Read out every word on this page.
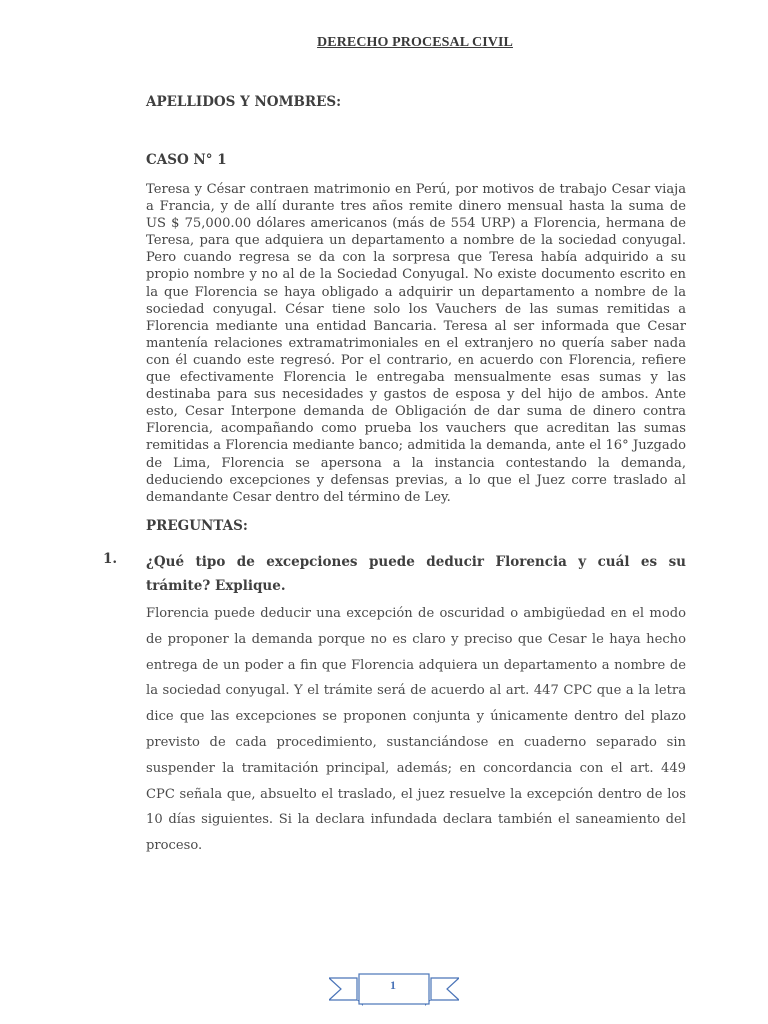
DERECHO PROCESAL CIVIL
APELLIDOS Y NOMBRES:
CASO N° 1
Teresa y César contraen matrimonio en Perú, por motivos de trabajo Cesar viaja a Francia, y de allí durante tres años remite dinero mensual hasta la suma de US $ 75,000.00 dólares americanos (más de 554 URP) a Florencia, hermana de Teresa, para que adquiera un departamento a nombre de la sociedad conyugal. Pero cuando regresa se da con la sorpresa que Teresa había adquirido a su propio nombre y no al de la Sociedad Conyugal. No existe documento escrito en la que Florencia se haya obligado a adquirir un departamento a nombre de la sociedad conyugal. César tiene solo los Vauchers de las sumas remitidas a Florencia mediante una entidad Bancaria. Teresa al ser informada que Cesar mantenía relaciones extramatrimoniales en el extranjero no quería saber nada con él cuando este regresó. Por el contrario, en acuerdo con Florencia, refiere que efectivamente Florencia le entregaba mensualmente esas sumas y las destinaba para sus necesidades y gastos de esposa y del hijo de ambos. Ante esto, Cesar Interpone demanda de Obligación de dar suma de dinero contra Florencia, acompañando como prueba los vauchers que acreditan las sumas remitidas a Florencia mediante banco; admitida la demanda, ante el 16° Juzgado de Lima, Florencia se apersona a la instancia contestando la demanda, deduciendo excepciones y defensas previas, a lo que el Juez corre traslado al demandante Cesar dentro del término de Ley.
PREGUNTAS:
1. ¿Qué tipo de excepciones puede deducir Florencia y cuál es su trámite? Explique.
Florencia puede deducir una excepción de oscuridad o ambigüedad en el modo de proponer la demanda porque no es claro y preciso que Cesar le haya hecho entrega de un poder a fin que Florencia adquiera un departamento a nombre de la sociedad conyugal. Y el trámite será de acuerdo al art. 447 CPC que a la letra dice que las excepciones se proponen conjunta y únicamente dentro del plazo previsto de cada procedimiento, sustanciándose en cuaderno separado sin suspender la tramitación principal, además; en concordancia con el art. 449 CPC señala que, absuelto el traslado, el juez resuelve la excepción dentro de los 10 días siguientes. Si la declara infundada declara también el saneamiento del proceso.
1
